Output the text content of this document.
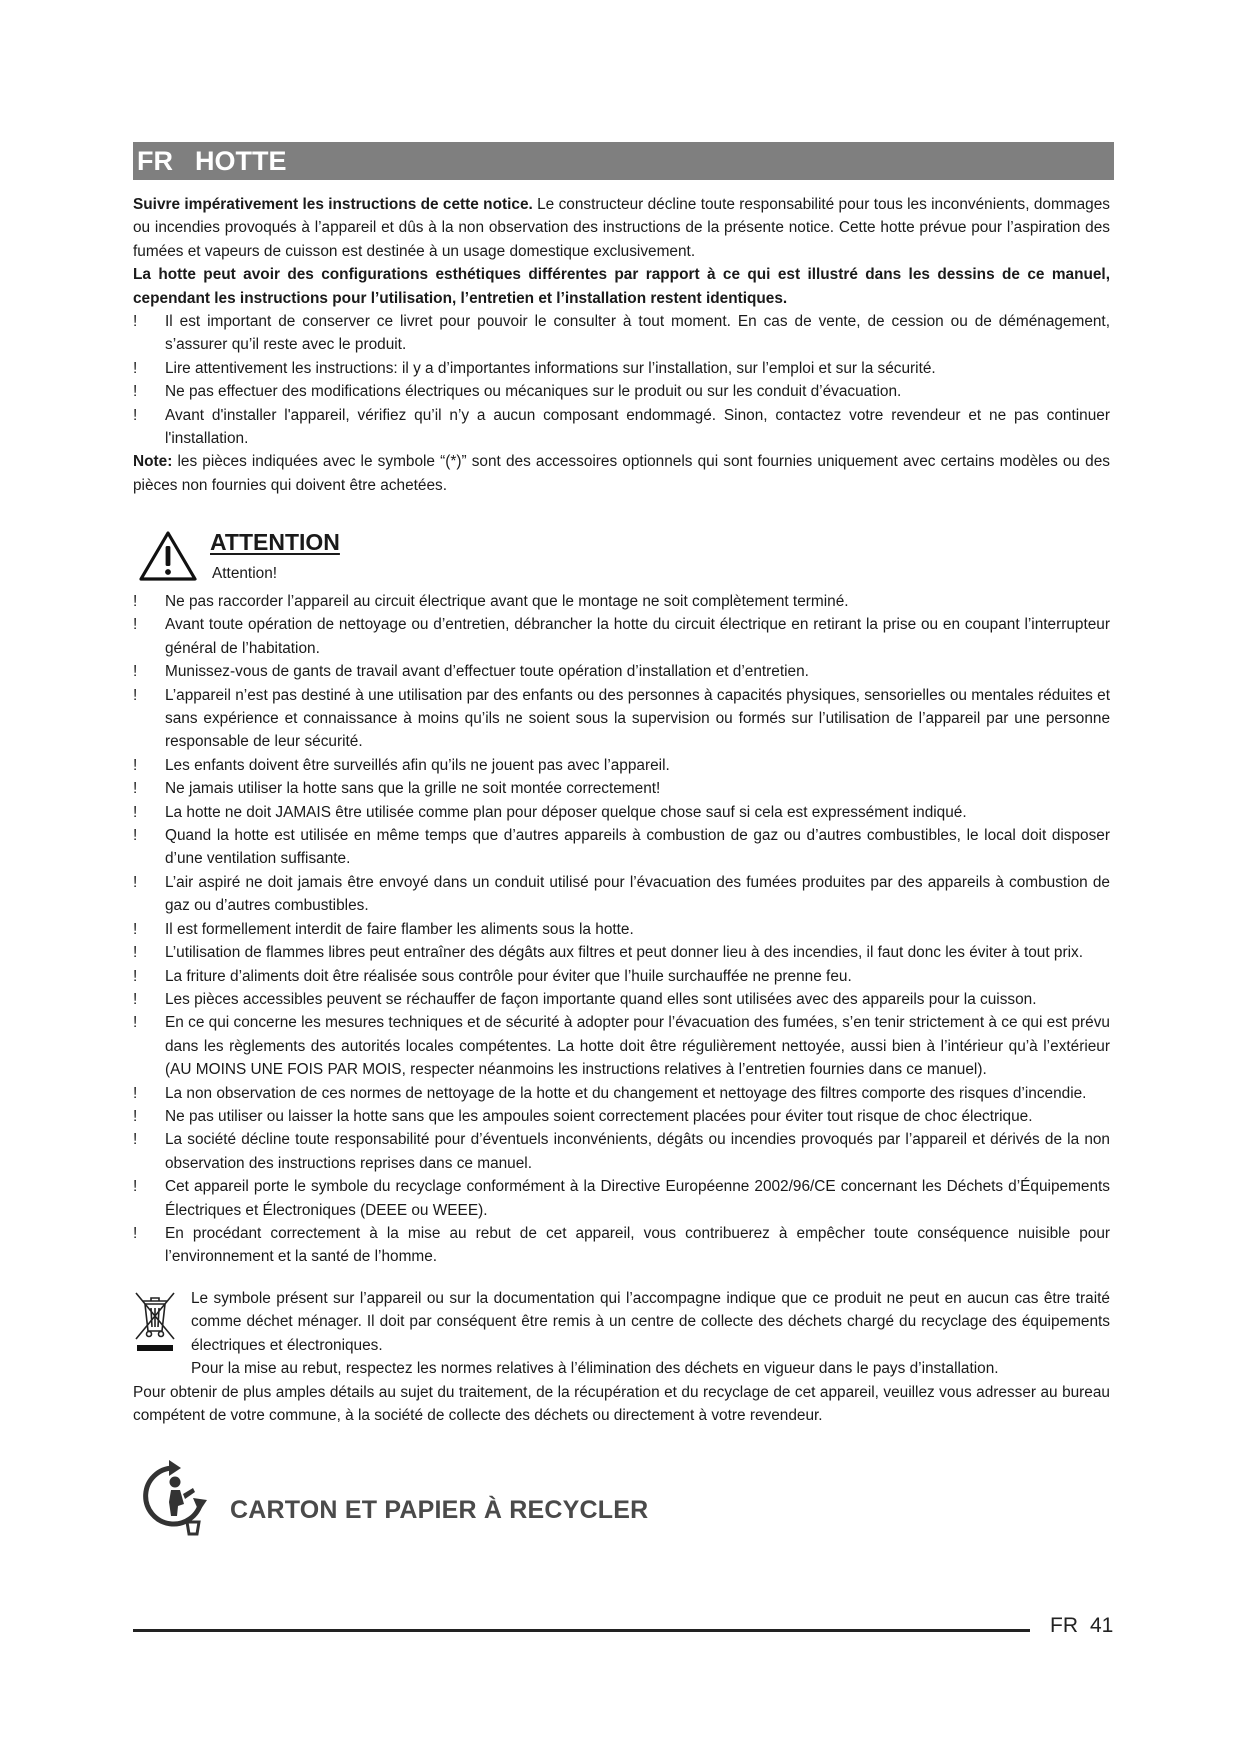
FR HOTTE

Suivre impérativement les instructions de cette notice. Le constructeur décline toute responsabilité pour tous les inconvénients, dommages ou incendies provoqués à l’appareil et dûs à la non observation des instructions de la présente notice. Cette hotte prévue pour l’aspiration des fumées et vapeurs de cuisson est destinée à un usage domestique exclusivement.

La hotte peut avoir des configurations esthétiques différentes par rapport à ce qui est illustré dans les dessins de ce manuel, cependant les instructions pour l’utilisation, l’entretien et l’installation restent identiques.

!	Il est important de conserver ce livret pour pouvoir le consulter à tout moment. En cas de vente, de cession ou de déménagement, s’assurer qu’il reste avec le produit.
!	Lire attentivement les instructions: il y a d’importantes informations sur l’installation, sur l’emploi et sur la sécurité.
!	Ne pas effectuer des modifications électriques ou mécaniques sur le produit ou sur les conduit d’évacuation.
!	Avant d'installer l'appareil, vérifiez qu’il n’y a aucun composant endommagé. Sinon, contactez votre revendeur et ne pas continuer l'installation.

Note: les pièces indiquées avec le symbole “(*)” sont des accessoires optionnels qui sont fournies uniquement avec certains modèles ou des pièces non fournies qui doivent être achetées.

ATTENTION
Attention!
!	Ne pas raccorder l’appareil au circuit électrique avant que le montage ne soit complètement terminé.
!	Avant toute opération de nettoyage ou d’entretien, débrancher la hotte du circuit électrique en retirant la prise ou en coupant l’interrupteur général de l’habitation.
!	Munissez-vous de gants de travail avant d’effectuer toute opération d’installation et d’entretien.
!	L’appareil n’est pas destiné à une utilisation par des enfants ou des personnes à capacités physiques, sensorielles ou mentales réduites et sans expérience et connaissance à moins qu’ils ne soient sous la supervision ou formés sur l’utilisation de l’appareil par une personne responsable de leur sécurité.
!	Les enfants doivent être surveillés afin qu’ils ne jouent pas avec l’appareil.
!	Ne jamais utiliser la hotte sans que la grille ne soit montée correctement!
!	La hotte ne doit JAMAIS être utilisée comme plan pour déposer quelque chose sauf si cela est expressément indiqué.
!	Quand la hotte est utilisée en même temps que d’autres appareils à combustion de gaz ou d’autres combustibles, le local doit disposer d’une ventilation suffisante.
!	L’air aspiré ne doit jamais être envoyé dans un conduit utilisé pour l’évacuation des fumées produites par des appareils à combustion de gaz ou d’autres combustibles.
!	Il est formellement interdit de faire flamber les aliments sous la hotte.
!	L’utilisation de flammes libres peut entraîner des dégâts aux filtres et peut donner lieu à des incendies, il faut donc les éviter à tout prix.
!	La friture d’aliments doit être réalisée sous contrôle pour éviter que l’huile surchauffée ne prenne feu.
!	Les pièces accessibles peuvent se réchauffer de façon importante quand elles sont utilisées avec des appareils pour la cuisson.
!	En ce qui concerne les mesures techniques et de sécurité à adopter pour l’évacuation des fumées, s’en tenir strictement à ce qui est prévu dans les règlements des autorités locales compétentes. La hotte doit être régulièrement nettoyée, aussi bien à l’intérieur qu’à l’extérieur (AU MOINS UNE FOIS PAR MOIS, respecter néanmoins les instructions relatives à l’entretien fournies dans ce manuel).
!	La non observation de ces normes de nettoyage de la hotte et du changement et nettoyage des filtres comporte des risques d’incendie.
!	Ne pas utiliser ou laisser la hotte sans que les ampoules soient correctement placées pour éviter tout risque de choc électrique.
!	La société décline toute responsabilité pour d’éventuels inconvénients, dégâts ou incendies provoqués par l’appareil et dérivés de la non observation des instructions reprises dans ce manuel.
!	Cet appareil porte le symbole du recyclage conformément à la Directive Européenne 2002/96/CE concernant les Déchets d’Équipements Électriques et Électroniques (DEEE ou WEEE).
!	En procédant correctement à la mise au rebut de cet appareil, vous contribuerez à empêcher toute conséquence nuisible pour l’environnement et la santé de l’homme.

Le symbole présent sur l’appareil ou sur la documentation qui l’accompagne indique que ce produit ne peut en aucun cas être traité comme déchet ménager. Il doit par conséquent être remis à un centre de collecte des déchets chargé du recyclage des équipements électriques et électroniques.

Pour la mise au rebut, respectez les normes relatives à l’élimination des déchets en vigueur dans le pays d’installation.

Pour obtenir de plus amples détails au sujet du traitement, de la récupération et du recyclage de cet appareil, veuillez vous adresser au bureau compétent de votre commune, à la société de collecte des déchets ou directement à votre revendeur.

CARTON ET PAPIER À RECYCLER
FR 41
